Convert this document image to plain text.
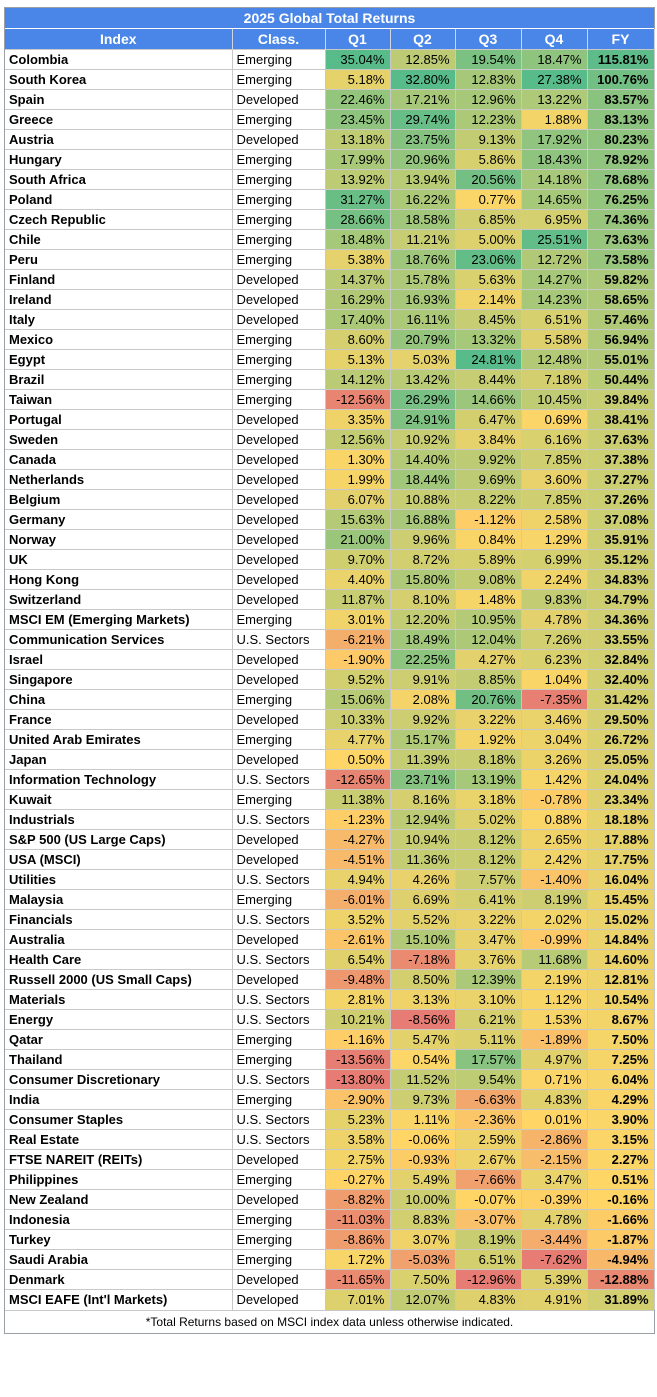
2025 Global Total Returns
Index	Class.	Q1	Q2	Q3	Q4	FY
Colombia	Emerging	35.04%	12.85%	19.54%	18.47%	115.81%
South Korea	Emerging	5.18%	32.80%	12.83%	27.38%	100.76%
Spain	Developed	22.46%	17.21%	12.96%	13.22%	83.57%
Greece	Emerging	23.45%	29.74%	12.23%	1.88%	83.13%
Austria	Developed	13.18%	23.75%	9.13%	17.92%	80.23%
Hungary	Emerging	17.99%	20.96%	5.86%	18.43%	78.92%
South Africa	Emerging	13.92%	13.94%	20.56%	14.18%	78.68%
Poland	Emerging	31.27%	16.22%	0.77%	14.65%	76.25%
Czech Republic	Emerging	28.66%	18.58%	6.85%	6.95%	74.36%
Chile	Emerging	18.48%	11.21%	5.00%	25.51%	73.63%
Peru	Emerging	5.38%	18.76%	23.06%	12.72%	73.58%
Finland	Developed	14.37%	15.78%	5.63%	14.27%	59.82%
Ireland	Developed	16.29%	16.93%	2.14%	14.23%	58.65%
Italy	Developed	17.40%	16.11%	8.45%	6.51%	57.46%
Mexico	Emerging	8.60%	20.79%	13.32%	5.58%	56.94%
Egypt	Emerging	5.13%	5.03%	24.81%	12.48%	55.01%
Brazil	Emerging	14.12%	13.42%	8.44%	7.18%	50.44%
Taiwan	Emerging	-12.56%	26.29%	14.66%	10.45%	39.84%
Portugal	Developed	3.35%	24.91%	6.47%	0.69%	38.41%
Sweden	Developed	12.56%	10.92%	3.84%	6.16%	37.63%
Canada	Developed	1.30%	14.40%	9.92%	7.85%	37.38%
Netherlands	Developed	1.99%	18.44%	9.69%	3.60%	37.27%
Belgium	Developed	6.07%	10.88%	8.22%	7.85%	37.26%
Germany	Developed	15.63%	16.88%	-1.12%	2.58%	37.08%
Norway	Developed	21.00%	9.96%	0.84%	1.29%	35.91%
UK	Developed	9.70%	8.72%	5.89%	6.99%	35.12%
Hong Kong	Developed	4.40%	15.80%	9.08%	2.24%	34.83%
Switzerland	Developed	11.87%	8.10%	1.48%	9.83%	34.79%
MSCI EM (Emerging Markets)	Emerging	3.01%	12.20%	10.95%	4.78%	34.36%
Communication Services	U.S. Sectors	-6.21%	18.49%	12.04%	7.26%	33.55%
Israel	Developed	-1.90%	22.25%	4.27%	6.23%	32.84%
Singapore	Developed	9.52%	9.91%	8.85%	1.04%	32.40%
China	Emerging	15.06%	2.08%	20.76%	-7.35%	31.42%
France	Developed	10.33%	9.92%	3.22%	3.46%	29.50%
United Arab Emirates	Emerging	4.77%	15.17%	1.92%	3.04%	26.72%
Japan	Developed	0.50%	11.39%	8.18%	3.26%	25.05%
Information Technology	U.S. Sectors	-12.65%	23.71%	13.19%	1.42%	24.04%
Kuwait	Emerging	11.38%	8.16%	3.18%	-0.78%	23.34%
Industrials	U.S. Sectors	-1.23%	12.94%	5.02%	0.88%	18.18%
S&P 500 (US Large Caps)	Developed	-4.27%	10.94%	8.12%	2.65%	17.88%
USA (MSCI)	Developed	-4.51%	11.36%	8.12%	2.42%	17.75%
Utilities	U.S. Sectors	4.94%	4.26%	7.57%	-1.40%	16.04%
Malaysia	Emerging	-6.01%	6.69%	6.41%	8.19%	15.45%
Financials	U.S. Sectors	3.52%	5.52%	3.22%	2.02%	15.02%
Australia	Developed	-2.61%	15.10%	3.47%	-0.99%	14.84%
Health Care	U.S. Sectors	6.54%	-7.18%	3.76%	11.68%	14.60%
Russell 2000 (US Small Caps)	Developed	-9.48%	8.50%	12.39%	2.19%	12.81%
Materials	U.S. Sectors	2.81%	3.13%	3.10%	1.12%	10.54%
Energy	U.S. Sectors	10.21%	-8.56%	6.21%	1.53%	8.67%
Qatar	Emerging	-1.16%	5.47%	5.11%	-1.89%	7.50%
Thailand	Emerging	-13.56%	0.54%	17.57%	4.97%	7.25%
Consumer Discretionary	U.S. Sectors	-13.80%	11.52%	9.54%	0.71%	6.04%
India	Emerging	-2.90%	9.73%	-6.63%	4.83%	4.29%
Consumer Staples	U.S. Sectors	5.23%	1.11%	-2.36%	0.01%	3.90%
Real Estate	U.S. Sectors	3.58%	-0.06%	2.59%	-2.86%	3.15%
FTSE NAREIT (REITs)	Developed	2.75%	-0.93%	2.67%	-2.15%	2.27%
Philippines	Emerging	-0.27%	5.49%	-7.66%	3.47%	0.51%
New Zealand	Developed	-8.82%	10.00%	-0.07%	-0.39%	-0.16%
Indonesia	Emerging	-11.03%	8.83%	-3.07%	4.78%	-1.66%
Turkey	Emerging	-8.86%	3.07%	8.19%	-3.44%	-1.87%
Saudi Arabia	Emerging	1.72%	-5.03%	6.51%	-7.62%	-4.94%
Denmark	Developed	-11.65%	7.50%	-12.96%	5.39%	-12.88%
MSCI EAFE (Int'l Markets)	Developed	7.01%	12.07%	4.83%	4.91%	31.89%
*Total Returns based on MSCI index data unless otherwise indicated.
